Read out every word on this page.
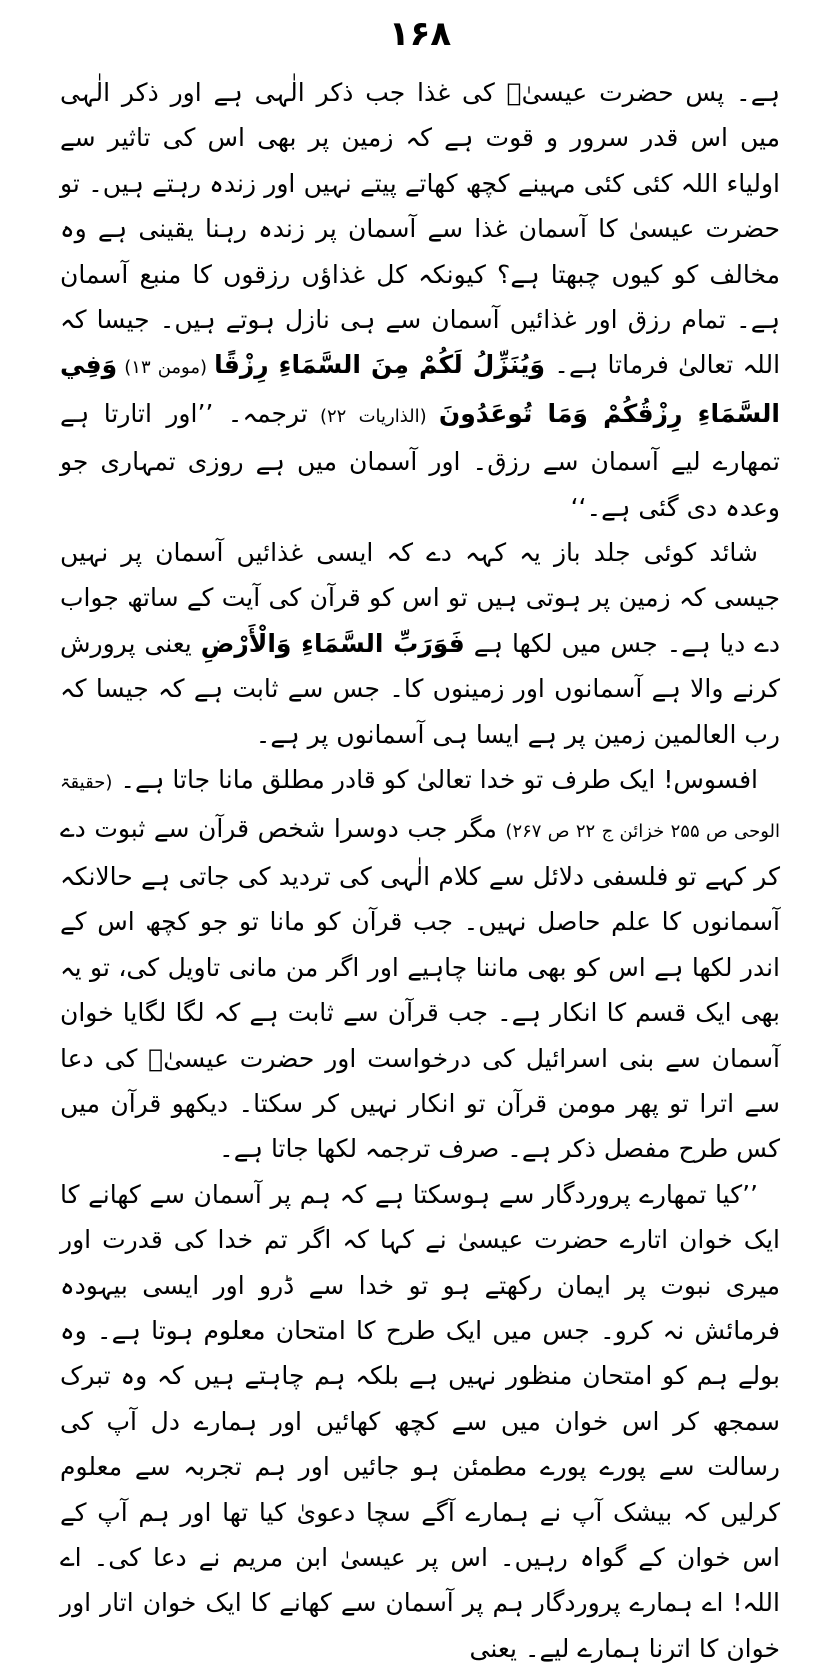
۱۶۸

ہے۔ پس حضرت عیسیٰؑ کی غذا جب ذکر الٰہی ہے اور ذکر الٰہی میں اس قدر سرور و قوت ہے کہ زمین پر بھی اس کی تاثیر سے اولیاء اللہ کئی کئی مہینے کچھ کھاتے پیتے نہیں اور زندہ رہتے ہیں۔ تو حضرت عیسیٰ کا آسمان غذا سے آسمان پر زندہ رہنا یقینی ہے وہ مخالف کو کیوں چبھتا ہے؟ کیونکہ کل غذاؤں رزقوں کا منبع آسمان ہے۔ تمام رزق اور غذائیں آسمان سے ہی نازل ہوتے ہیں۔ جیسا کہ اللہ تعالیٰ فرماتا ہے۔ وَيُنَزِّلُ لَكُمْ مِنَ السَّمَاءِ رِزْقًا (مومن ۱۳) وَفِي السَّمَاءِ رِزْقُكُمْ وَمَا تُوعَدُونَ (الذاریات ۲۲) ترجمہ۔ ’’اور اتارتا ہے تمھارے لیے آسمان سے رزق۔ اور آسمان میں ہے روزی تمہاری جو وعدہ دی گئی ہے۔‘‘

شائد کوئی جلد باز یہ کہہ دے کہ ایسی غذائیں آسمان پر نہیں جیسی کہ زمین پر ہوتی ہیں تو اس کو قرآن کی آیت کے ساتھ جواب دے دیا ہے۔ جس میں لکھا ہے فَوَرَبِّ السَّمَاءِ وَالْأَرْضِ یعنی پرورش کرنے والا ہے آسمانوں اور زمینوں کا۔ جس سے ثابت ہے کہ جیسا کہ رب العالمین زمین پر ہے ایسا ہی آسمانوں پر ہے۔

افسوس! ایک طرف تو خدا تعالیٰ کو قادر مطلق مانا جاتا ہے۔ (حقیقۃ الوحی ص ۲۵۵ خزائن ج ۲۲ ص ۲۶۷) مگر جب دوسرا شخص قرآن سے ثبوت دے کر کہے تو فلسفی دلائل سے کلام الٰہی کی تردید کی جاتی ہے حالانکہ آسمانوں کا علم حاصل نہیں۔ جب قرآن کو مانا تو جو کچھ اس کے اندر لکھا ہے اس کو بھی ماننا چاہیے اور اگر من مانی تاویل کی، تو یہ بھی ایک قسم کا انکار ہے۔ جب قرآن سے ثابت ہے کہ لگا لگایا خوان آسمان سے بنی اسرائیل کی درخواست اور حضرت عیسیٰؑ کی دعا سے اترا تو پھر مومن قرآن تو انکار نہیں کر سکتا۔ دیکھو قرآن میں کس طرح مفصل ذکر ہے۔ صرف ترجمہ لکھا جاتا ہے۔

’’کیا تمھارے پروردگار سے ہوسکتا ہے کہ ہم پر آسمان سے کھانے کا ایک خوان اتارے حضرت عیسیٰ نے کہا کہ اگر تم خدا کی قدرت اور میری نبوت پر ایمان رکھتے ہو تو خدا سے ڈرو اور ایسی بیہودہ فرمائش نہ کرو۔ جس میں ایک طرح کا امتحان معلوم ہوتا ہے۔ وہ بولے ہم کو امتحان منظور نہیں ہے بلکہ ہم چاہتے ہیں کہ وہ تبرک سمجھ کر اس خوان میں سے کچھ کھائیں اور ہمارے دل آپ کی رسالت سے پورے پورے مطمئن ہو جائیں اور ہم تجربہ سے معلوم کرلیں کہ بیشک آپ نے ہمارے آگے سچا دعویٰ کیا تھا اور ہم آپ کے اس خوان کے گواہ رہیں۔ اس پر عیسیٰ ابن مریم نے دعا کی۔ اے اللہ! اے ہمارے پروردگار ہم پر آسمان سے کھانے کا ایک خوان اتار اور خوان کا اترنا ہمارے لیے۔ یعنی
